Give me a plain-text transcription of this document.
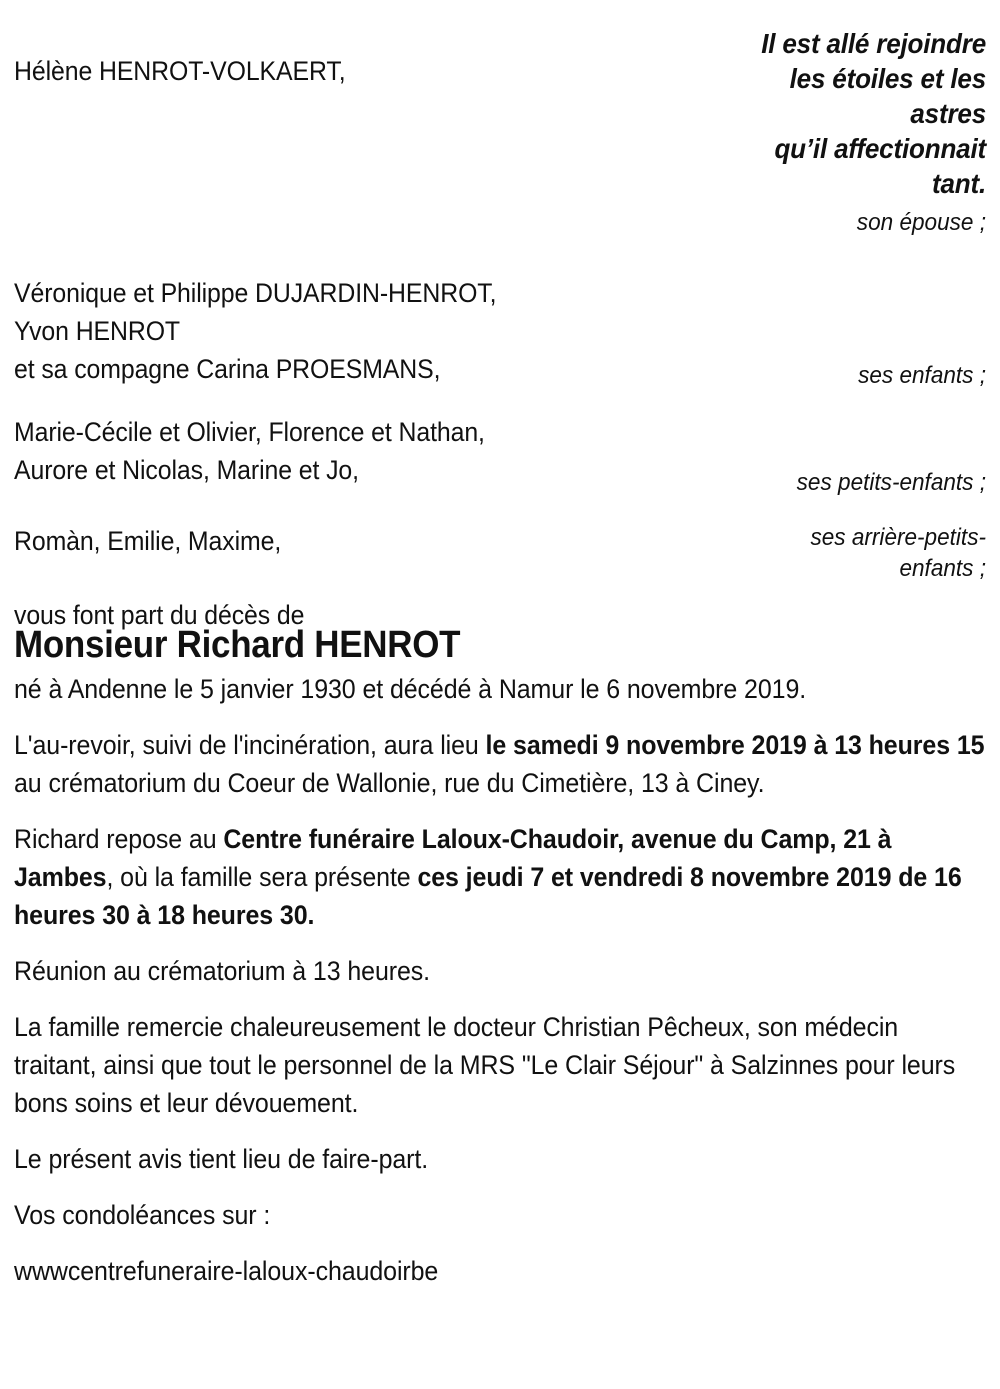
Il est allé rejoindre
les étoiles et les
astres
qu’il affectionnait
tant.
son épouse ;
ses enfants ;
ses petits-enfants ;
ses arrière-petits-
enfants ;
Hélène HENROT-VOLKAERT,
Véronique et Philippe DUJARDIN-HENROT,
Yvon HENROT
et sa compagne Carina PROESMANS,
Marie-Cécile et Olivier, Florence et Nathan,
Aurore et Nicolas, Marine et Jo,
Romàn, Emilie, Maxime,
vous font part du décès de
Monsieur Richard HENROT
né à Andenne le 5 janvier 1930 et décédé à Namur le 6 novembre 2019.

L'au-revoir, suivi de l'incinération, aura lieu le samedi 9 novembre 2019 à 13 heures 15 au crématorium du Coeur de Wallonie, rue du Cimetière, 13 à Ciney.

Richard repose au Centre funéraire Laloux-Chaudoir, avenue du Camp, 21 à Jambes, où la famille sera présente ces jeudi 7 et vendredi 8 novembre 2019 de 16 heures 30 à 18 heures 30.

Réunion au crématorium à 13 heures.

La famille remercie chaleureusement le docteur Christian Pêcheux, son médecin traitant, ainsi que tout le personnel de la MRS "Le Clair Séjour" à Salzinnes pour leurs bons soins et leur dévouement.

Le présent avis tient lieu de faire-part.

Vos condoléances sur :

wwwcentrefuneraire-laloux-chaudoirbe
